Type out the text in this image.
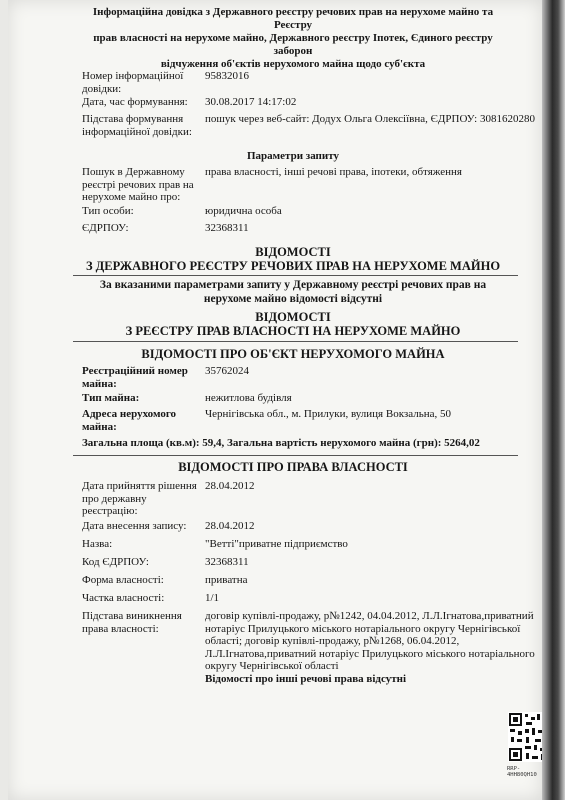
Інформаційна довідка з Державного реєстру речових прав на нерухоме майно та Реєстру
прав власності на нерухоме майно, Державного реєстру Іпотек, Єдиного реєстру заборон
відчуження об'єктів нерухомого майна щодо суб'єкта
Номер інформаційної довідки:
95832016
Дата, час формування:	30.08.2017 14:17:02
Підстава формування інформаційної довідки:
пошук через веб-сайт: Додух Ольга Олексіївна, ЄДРПОУ: 3081620280
Параметри запиту
Пошук в Державному реєстрі речових прав на нерухоме майно про:
права власності, інші речові права, іпотеки, обтяження
Тип особи:	юридична особа
ЄДРПОУ:	32368311
ВІДОМОСТІ
З ДЕРЖАВНОГО РЕЄСТРУ РЕЧОВИХ ПРАВ НА НЕРУХОМЕ МАЙНО
За вказаними параметрами запиту у Державному реєстрі речових прав на нерухоме майно відомості відсутні
ВІДОМОСТІ
З РЕЄСТРУ ПРАВ ВЛАСНОСТІ НА НЕРУХОМЕ МАЙНО
ВІДОМОСТІ ПРО ОБ'ЄКТ НЕРУХОМОГО МАЙНА
Реєстраційний номер майна:
35762024
Тип майна:	нежитлова будівля
Адреса нерухомого майна:
Чернігівська обл., м. Прилуки, вулиця Вокзальна, 50
Загальна площа (кв.м): 59,4, Загальна вартість нерухомого майна (грн): 5264,02
ВІДОМОСТІ ПРО ПРАВА ВЛАСНОСТІ
Дата прийняття рішення про державну реєстрацію:
28.04.2012
Дата внесення запису:	28.04.2012
Назва:	"Ветті"приватне підприємство
Код ЄДРПОУ:	32368311
Форма власності:	приватна
Частка власності:	1/1
Підстава виникнення права власності:
договір купівлі-продажу, р№1242, 04.04.2012, Л.Л.Ігнатова,приватний нотаріус Прилуцького міського нотаріального округу Чернігівської області; договір купівлі-продажу, р№1268, 06.04.2012, Л.Л.Ігнатова,приватний нотаріус Прилуцького міського нотаріального округу Чернігівської області
Відомості про інші речові права відсутні
RRP-4HH80QH10
